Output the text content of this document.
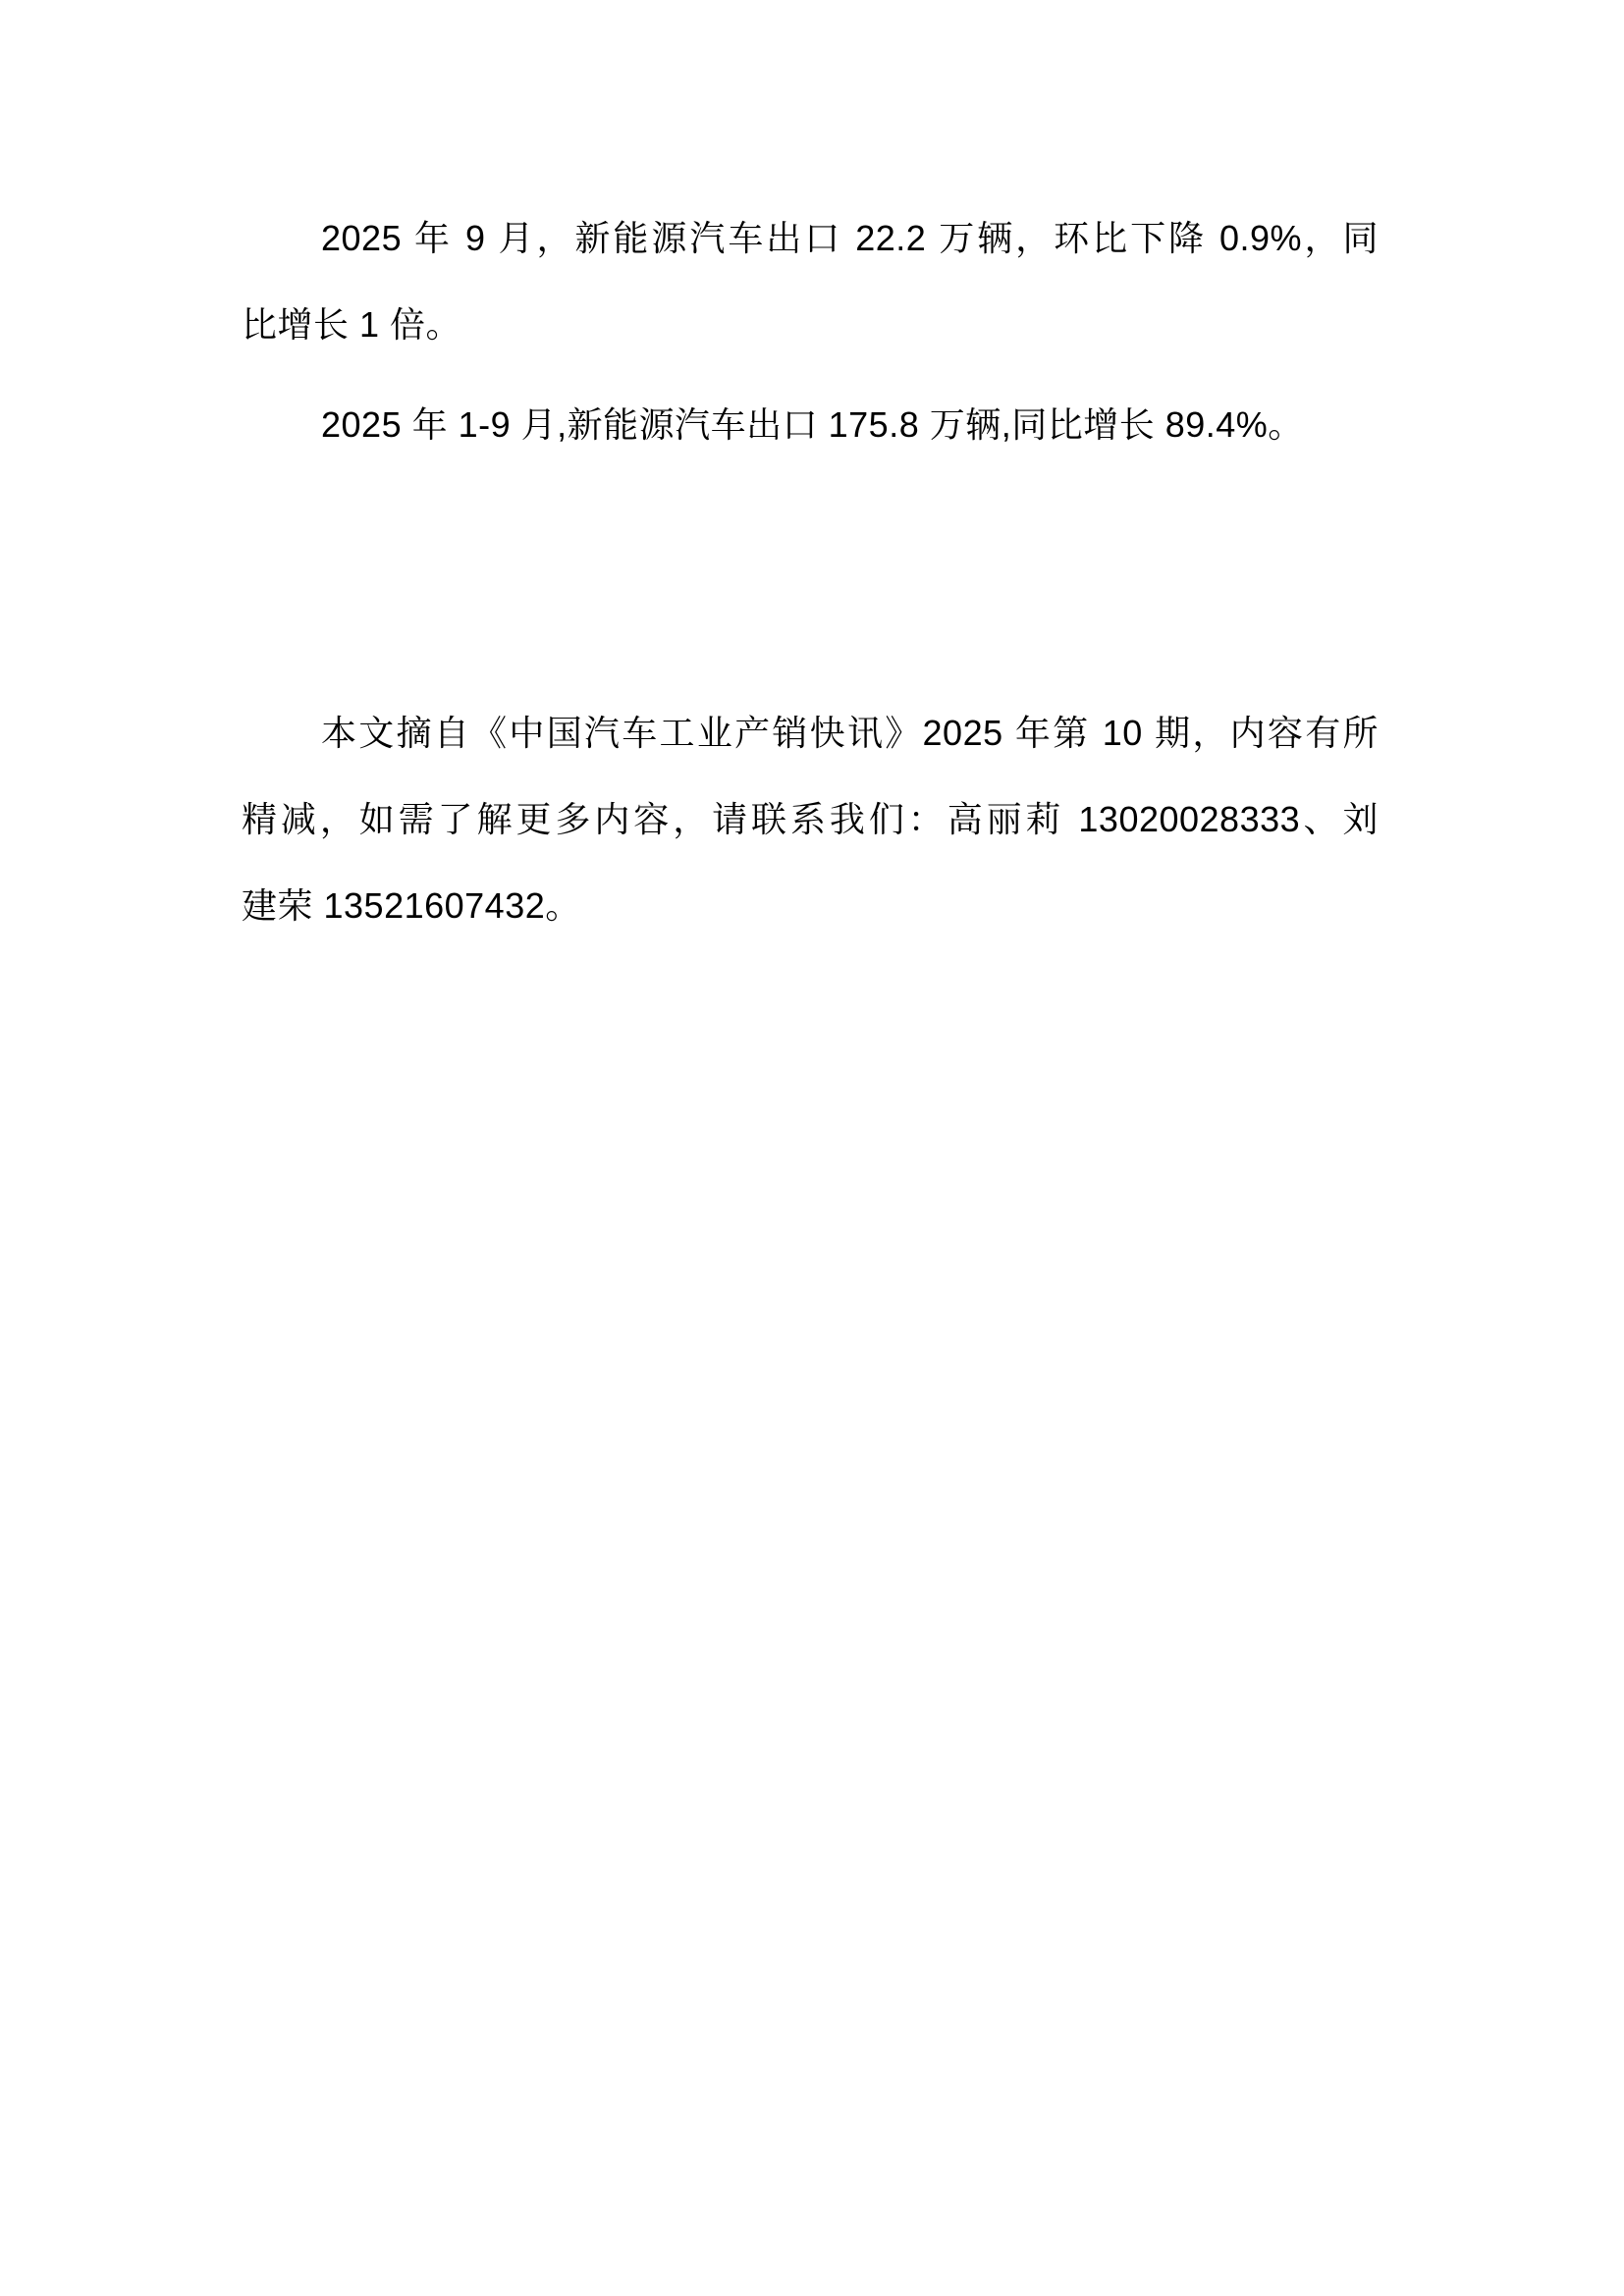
2025 年 9 月，新能源汽车出口 22.2 万辆，环比下降 0.9%，同
比增长 1 倍。
2025 年 1-9 月,新能源汽车出口 175.8 万辆,同比增长 89.4%。
本文摘自《中国汽车工业产销快讯》2025 年第 10 期，内容有所
精减，如需了解更多内容，请联系我们：高丽莉 13020028333、刘
建荣 13521607432。
